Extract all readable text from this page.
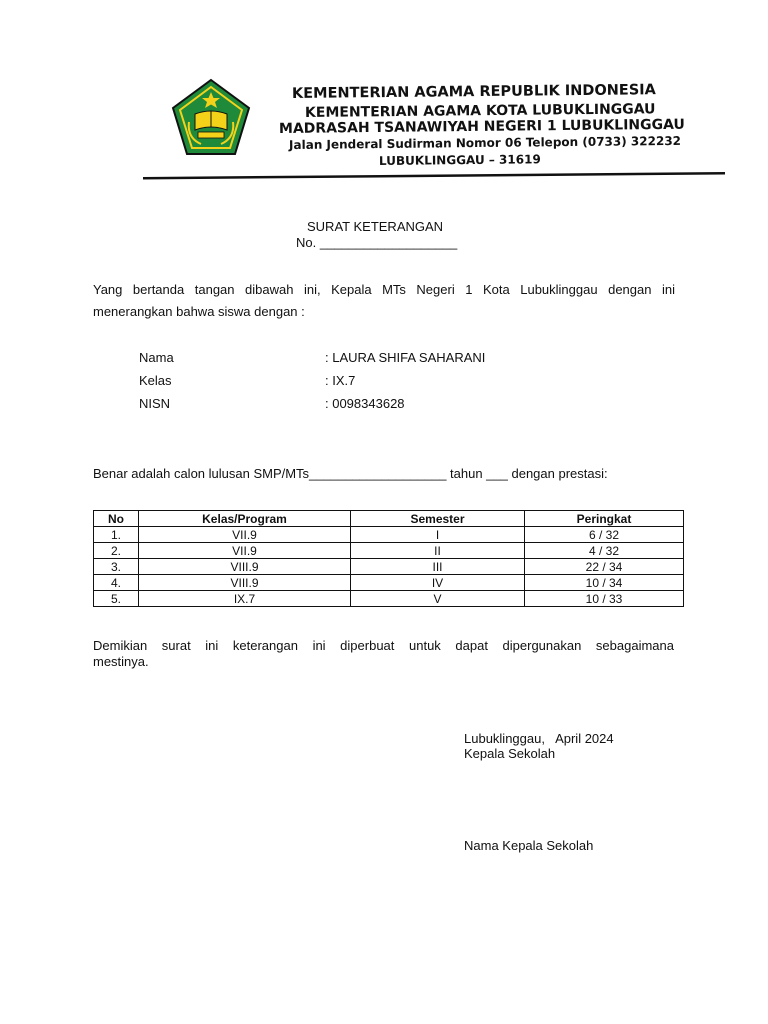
KEMENTERIAN AGAMA REPUBLIK INDONESIA
KEMENTERIAN AGAMA KOTA LUBUKLINGGAU
MADRASAH TSANAWIYAH NEGERI 1 LUBUKLINGGAU
Jalan Jenderal Sudirman Nomor 06 Telepon (0733) 322232
LUBUKLINGGAU – 31619
SURAT KETERANGAN
No. ___________________
Yang bertanda tangan dibawah ini, Kepala MTs Negeri 1 Kota Lubuklinggau dengan ini
menerangkan bahwa siswa dengan :
Nama	: LAURA SHIFA SAHARANI
Kelas	: IX.7
NISN	: 0098343628
Benar adalah calon lulusan SMP/MTs___________________ tahun ___ dengan prestasi:
No	Kelas/Program	Semester	Peringkat
1.	VII.9	I	6 / 32
2.	VII.9	II	4 / 32
3.	VIII.9	III	22 / 34
4.	VIII.9	IV	10 / 34
5.	IX.7	V	10 / 33
Demikian surat ini keterangan ini diperbuat untuk dapat dipergunakan sebagaimana
mestinya.
Lubuklinggau,   April 2024
Kepala Sekolah
Nama Kepala Sekolah
